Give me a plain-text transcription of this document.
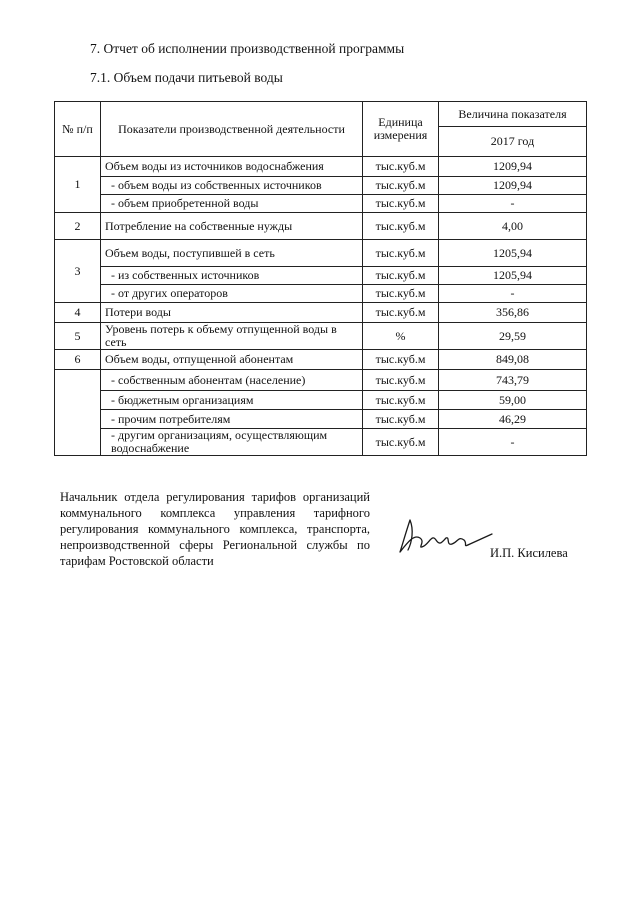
7. Отчет об исполнении производственной программы
7.1. Объем подачи питьевой воды
№ п/п	Показатели производственной деятельности	Единица измерения	Величина показателя
			2017 год
1	Объем воды из источников водоснабжения	тыс.куб.м	1209,94
	- объем воды из собственных источников	тыс.куб.м	1209,94
	- объем приобретенной воды	тыс.куб.м	-
2	Потребление на собственные нужды	тыс.куб.м	4,00
3	Объем воды, поступившей в сеть	тыс.куб.м	1205,94
	- из собственных источников	тыс.куб.м	1205,94
	- от других операторов	тыс.куб.м	-
4	Потери воды	тыс.куб.м	356,86
5	Уровень потерь к объему отпущенной воды в сеть	%	29,59
6	Объем воды, отпущенной абонентам	тыс.куб.м	849,08
	- собственным абонентам (население)	тыс.куб.м	743,79
	- бюджетным организациям	тыс.куб.м	59,00
	- прочим потребителям	тыс.куб.м	46,29
	- другим организациям, осуществляющим водоснабжение	тыс.куб.м	-
Начальник отдела регулирования тарифов организаций коммунального комплекса управления тарифного регулирования коммунального комплекса, транспорта, непроизводственной сферы Региональной службы по тарифам Ростовской области
И.П. Кисилева
